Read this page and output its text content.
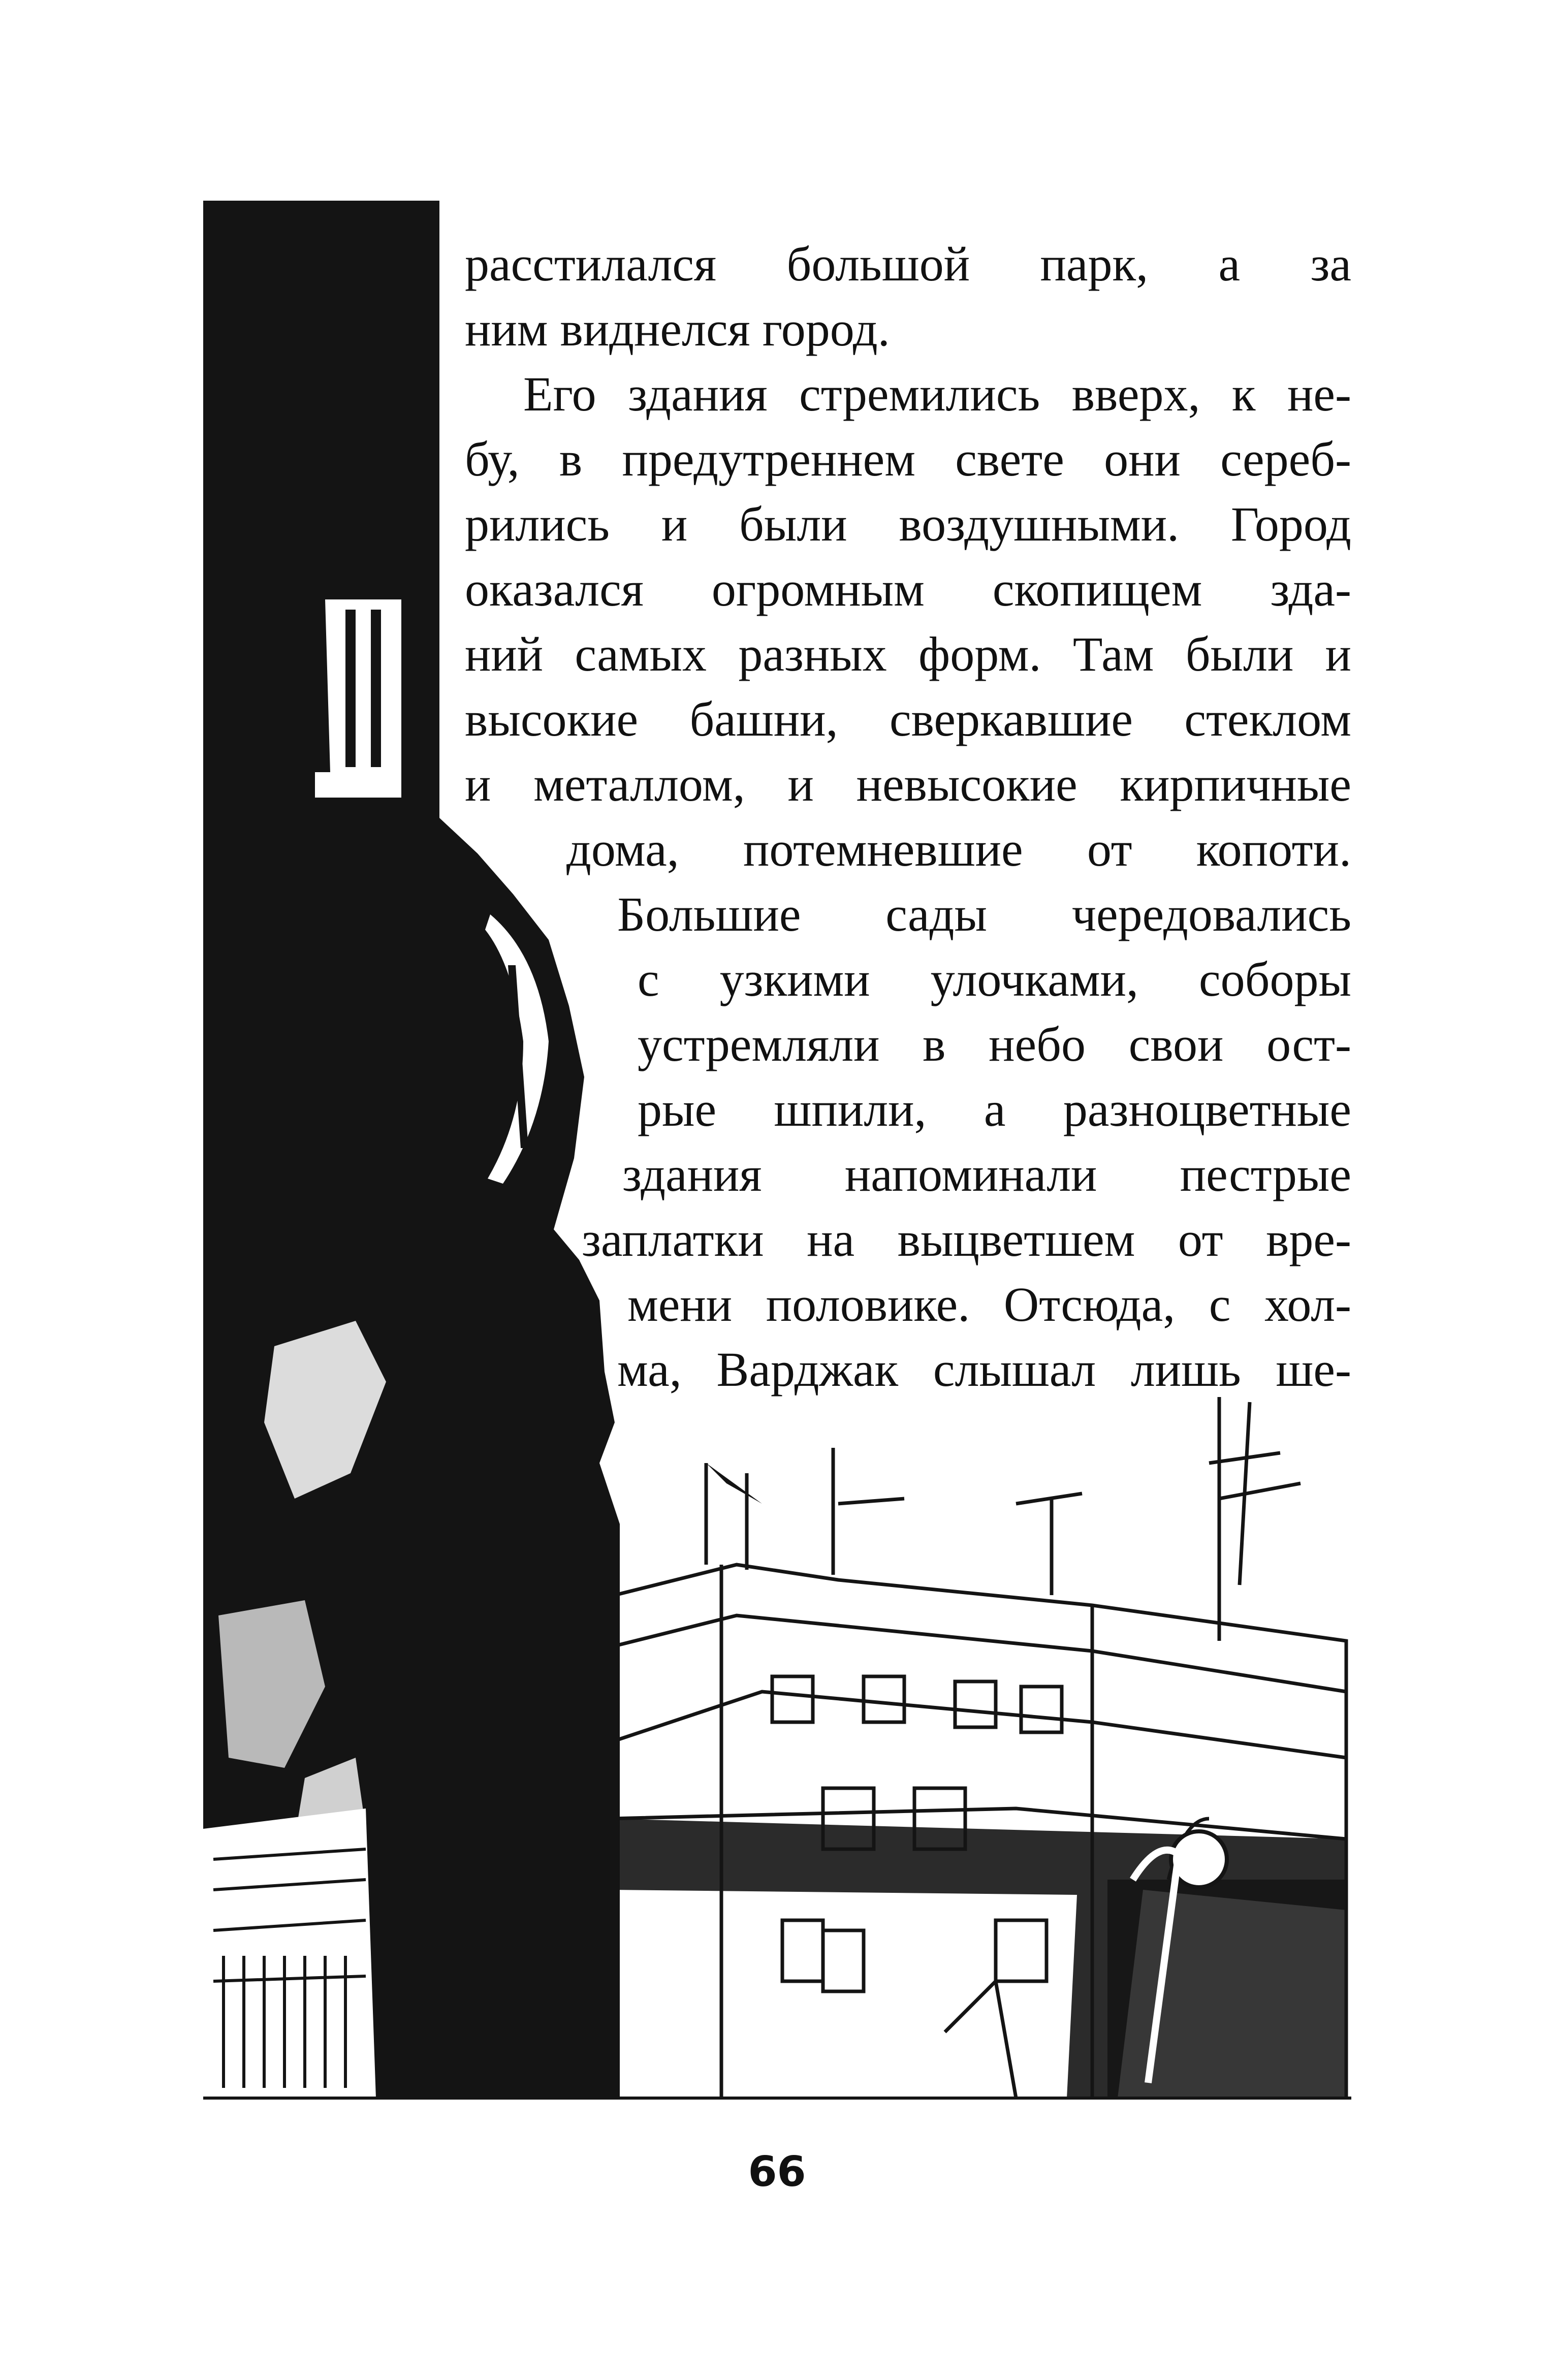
расстилался большой парк, а за
ним виднелся город.
Его здания стремились вверх, к не-
бу, в предутреннем свете они сереб-
рились и были воздушными. Город
оказался огромным скопищем зда-
ний самых разных форм. Там были и
высокие башни, сверкавшие стеклом
и металлом, и невысокие кирпичные
дома, потемневшие от копоти.
Большие сады чередовались
с узкими улочками, соборы
устремляли в небо свои ост-
рые шпили, а разноцветные
здания напоминали пестрые
заплатки на выцветшем от вре-
мени половике. Отсюда, с хол-
ма, Варджак слышал лишь ше-
66
